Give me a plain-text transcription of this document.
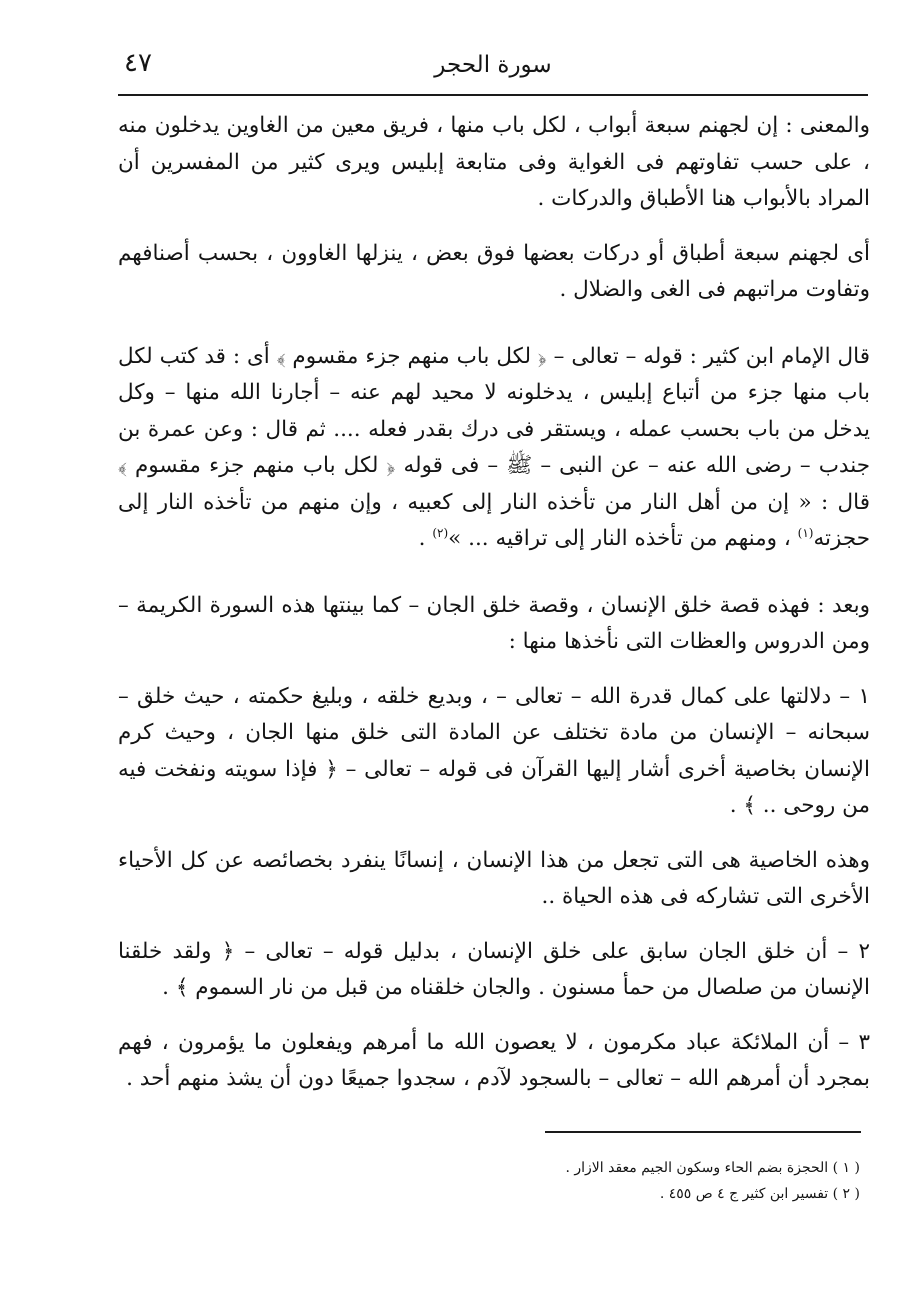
٤٧	سورة الحجر

والمعنى : إن لجهنم سبعة أبواب ، لكل باب منها ، فريق معين من الغاوين يدخلون منه ، على حسب تفاوتهم فى الغواية وفى متابعة إبليس ويرى كثير من المفسرين أن المراد بالأبواب هنا الأطباق والدركات .

أى لجهنم سبعة أطباق أو دركات بعضها فوق بعض ، ينزلها الغاوون ، بحسب أصنافهم وتفاوت مراتبهم فى الغى والضلال .

قال الإمام ابن كثير : قوله – تعالى – ﴿ لكل باب منهم جزء مقسوم ﴾ أى : قد كتب لكل باب منها جزء من أتباع إبليس ، يدخلونه لا محيد لهم عنه – أجارنا الله منها – وكل يدخل من باب بحسب عمله ، ويستقر فى درك بقدر فعله .... ثم قال : وعن عمرة بن جندب – رضى الله عنه – عن النبى – ﷺ – فى قوله ﴿ لكل باب منهم جزء مقسوم ﴾ قال : « إن من أهل النار من تأخذه النار إلى كعبيه ، وإن منهم من تأخذه النار إلى حجزته$^{(١)}$ ، ومنهم من تأخذه النار إلى تراقيه ... »$^{(٢)}$ .

وبعد : فهذه قصة خلق الإنسان ، وقصة خلق الجان – كما بينتها هذه السورة الكريمة – ومن الدروس والعظات التى نأخذها منها :

١ – دلالتها على كمال قدرة الله – تعالى – ، وبديع خلقه ، وبليغ حكمته ، حيث خلق – سبحانه – الإنسان من مادة تختلف عن المادة التى خلق منها الجان ، وحيث كرم الإنسان بخاصية أخرى أشار إليها القرآن فى قوله – تعالى – ﴿ فإذا سويته ونفخت فيه من روحى .. ﴾ .

وهذه الخاصية هى التى تجعل من هذا الإنسان ، إنسانًا ينفرد بخصائصه عن كل الأحياء الأخرى التى تشاركه فى هذه الحياة ..

٢ – أن خلق الجان سابق على خلق الإنسان ، بدليل قوله – تعالى – ﴿ ولقد خلقنا الإنسان من صلصال من حمأ مسنون . والجان خلقناه من قبل من نار السموم ﴾ .

٣ – أن الملائكة عباد مكرمون ، لا يعصون الله ما أمرهم ويفعلون ما يؤمرون ، فهم بمجرد أن أمرهم الله – تعالى – بالسجود لآدم ، سجدوا جميعًا دون أن يشذ منهم أحد .

( ١ ) الحجزة بضم الحاء وسكون الجيم معقد الازار .
( ٢ ) تفسير ابن كثير ج ٤ ص ٤٥٥ .
